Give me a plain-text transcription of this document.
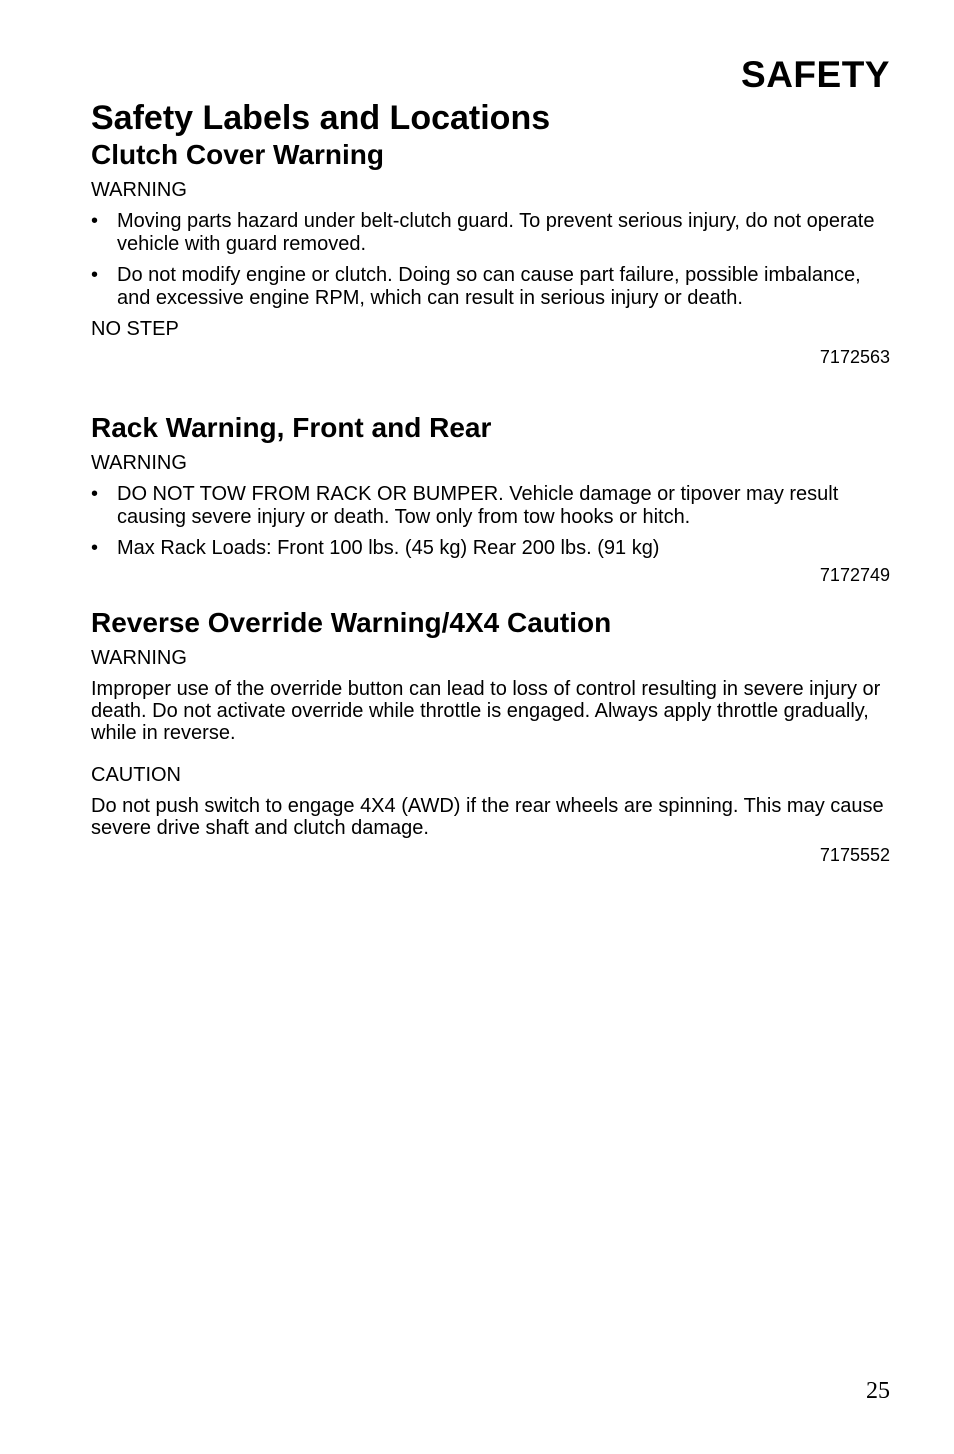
SAFETY
Safety Labels and Locations
Clutch Cover Warning
WARNING
• Moving parts hazard under belt-clutch guard. To prevent serious injury, do not operate vehicle with guard removed.
• Do not modify engine or clutch. Doing so can cause part failure, possible imbalance, and excessive engine RPM, which can result in serious injury or death.
NO STEP
7172563
Rack Warning, Front and Rear
WARNING
• DO NOT TOW FROM RACK OR BUMPER. Vehicle damage or tipover may result causing severe injury or death. Tow only from tow hooks or hitch.
• Max Rack Loads: Front 100 lbs. (45 kg) Rear 200 lbs. (91 kg)
7172749
Reverse Override Warning/4X4 Caution
WARNING

Improper use of the override button can lead to loss of control resulting in severe injury or death. Do not activate override while throttle is engaged. Always apply throttle gradually, while in reverse.

CAUTION

Do not push switch to engage 4X4 (AWD) if the rear wheels are spinning. This may cause severe drive shaft and clutch damage.

7175552
25
